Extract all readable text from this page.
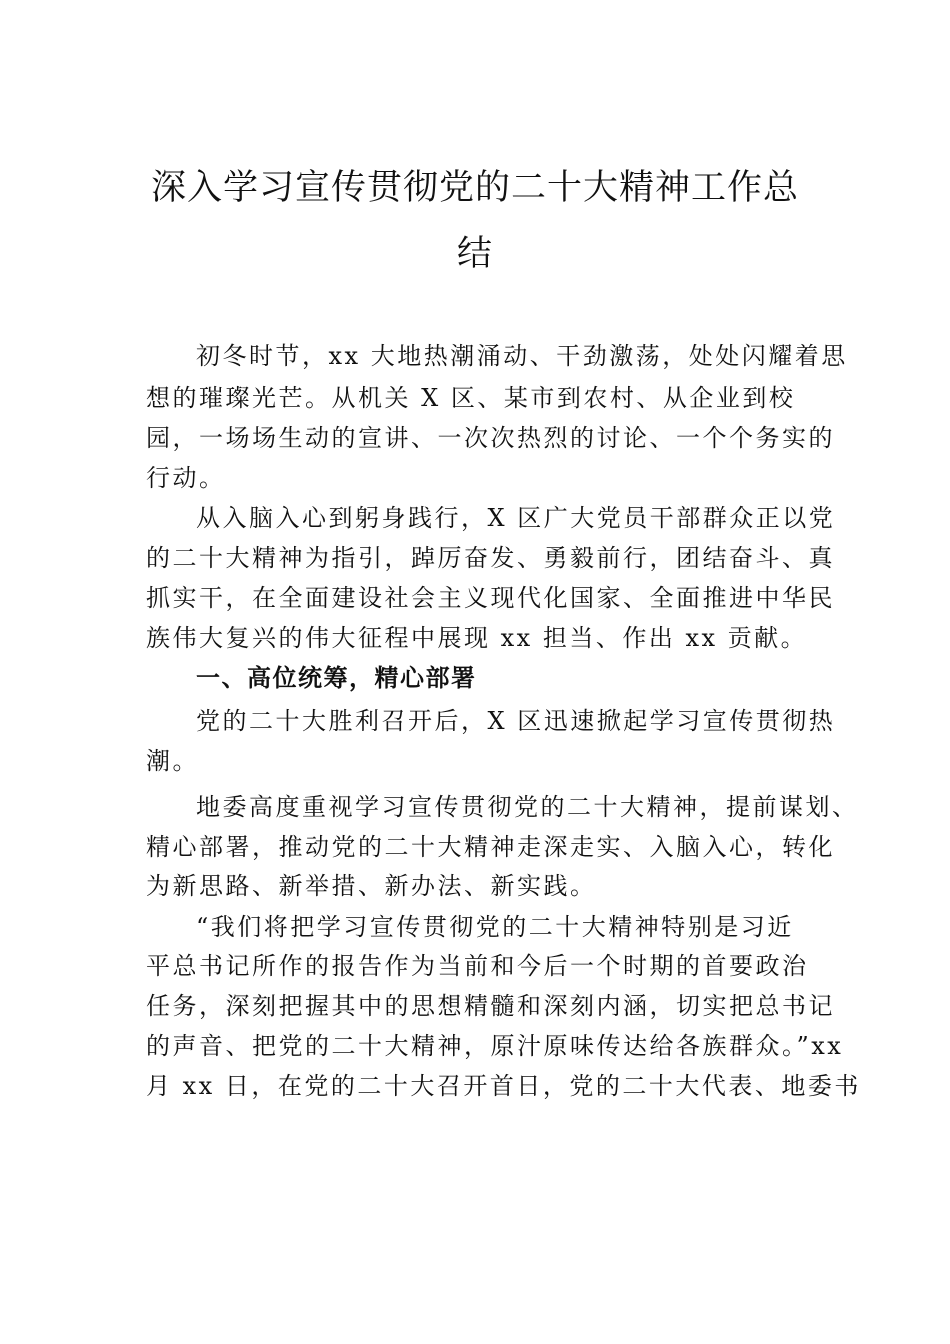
深入学习宣传贯彻党的二十大精神工作总
结
初冬时节，xx 大地热潮涌动、干劲激荡，处处闪耀着思
想的璀璨光芒。从机关 X 区、某市到农村、从企业到校
园，一场场生动的宣讲、一次次热烈的讨论、一个个务实的
行动。
从入脑入心到躬身践行，X 区广大党员干部群众正以党
的二十大精神为指引，踔厉奋发、勇毅前行，团结奋斗、真
抓实干，在全面建设社会主义现代化国家、全面推进中华民
族伟大复兴的伟大征程中展现 xx 担当、作出 xx 贡献。
一、高位统筹，精心部署
党的二十大胜利召开后，X 区迅速掀起学习宣传贯彻热
潮。
地委高度重视学习宣传贯彻党的二十大精神，提前谋划、
精心部署，推动党的二十大精神走深走实、入脑入心，转化
为新思路、新举措、新办法、新实践。
“我们将把学习宣传贯彻党的二十大精神特别是习近
平总书记所作的报告作为当前和今后一个时期的首要政治
任务，深刻把握其中的思想精髓和深刻内涵，切实把总书记
的声音、把党的二十大精神，原汁原味传达给各族群众。”xx
月 xx 日，在党的二十大召开首日，党的二十大代表、地委书
